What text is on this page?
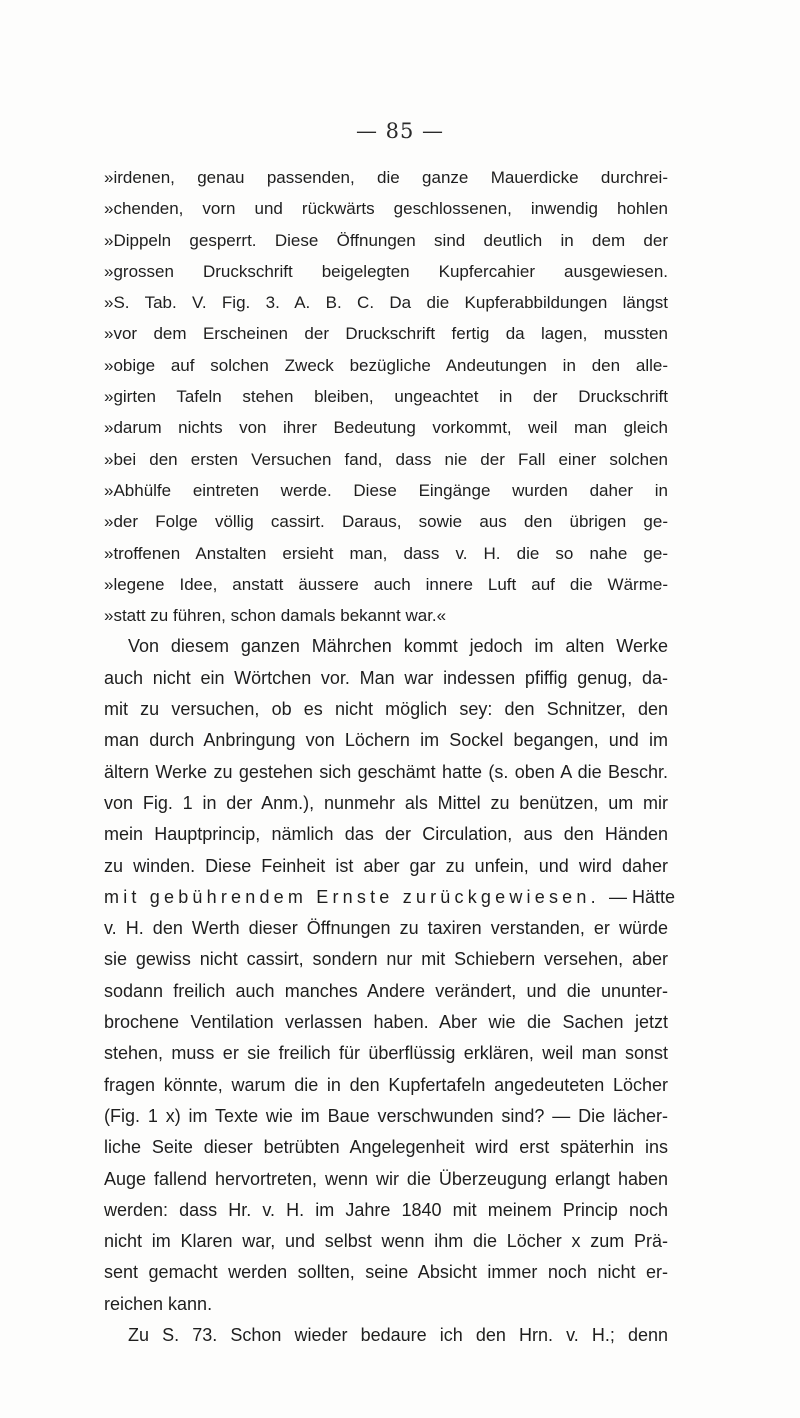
— 85 —
»irdenen, genau passenden, die ganze Mauerdicke durchrei-
»chenden, vorn und rückwärts geschlossenen, inwendig hohlen
»Dippeln gesperrt. Diese Öffnungen sind deutlich in dem der
»grossen Druckschrift beigelegten Kupfercahier ausgewiesen.
»S. Tab. V. Fig. 3. A. B. C. Da die Kupferabbildungen längst
»vor dem Erscheinen der Druckschrift fertig da lagen, mussten
»obige auf solchen Zweck bezügliche Andeutungen in den alle-
»girten Tafeln stehen bleiben, ungeachtet in der Druckschrift
»darum nichts von ihrer Bedeutung vorkommt, weil man gleich
»bei den ersten Versuchen fand, dass nie der Fall einer solchen
»Abhülfe eintreten werde. Diese Eingänge wurden daher in
»der Folge völlig cassirt. Daraus, sowie aus den übrigen ge-
»troffenen Anstalten ersieht man, dass v. H. die so nahe ge-
»legene Idee, anstatt äussere auch innere Luft auf die Wärme-
»statt zu führen, schon damals bekannt war.«
Von diesem ganzen Mährchen kommt jedoch im alten Werke
auch nicht ein Wörtchen vor. Man war indessen pfiffig genug, da-
mit zu versuchen, ob es nicht möglich sey: den Schnitzer, den
man durch Anbringung von Löchern im Sockel begangen, und im
ältern Werke zu gestehen sich geschämt hatte (s. oben A die Beschr.
von Fig. 1 in der Anm.), nunmehr als Mittel zu benützen, um mir
mein Hauptprincip, nämlich das der Circulation, aus den Händen
zu winden. Diese Feinheit ist aber gar zu unfein, und wird daher
mit gebührendem Ernste zurückgewiesen. — Hätte
v. H. den Werth dieser Öffnungen zu taxiren verstanden, er würde
sie gewiss nicht cassirt, sondern nur mit Schiebern versehen, aber
sodann freilich auch manches Andere verändert, und die ununter-
brochene Ventilation verlassen haben. Aber wie die Sachen jetzt
stehen, muss er sie freilich für überflüssig erklären, weil man sonst
fragen könnte, warum die in den Kupfertafeln angedeuteten Löcher
(Fig. 1 x) im Texte wie im Baue verschwunden sind? — Die lächer-
liche Seite dieser betrübten Angelegenheit wird erst späterhin ins
Auge fallend hervortreten, wenn wir die Überzeugung erlangt haben
werden: dass Hr. v. H. im Jahre 1840 mit meinem Princip noch
nicht im Klaren war, und selbst wenn ihm die Löcher x zum Prä-
sent gemacht werden sollten, seine Absicht immer noch nicht er-
reichen kann.
Zu S. 73. Schon wieder bedaure ich den Hrn. v. H.; denn
